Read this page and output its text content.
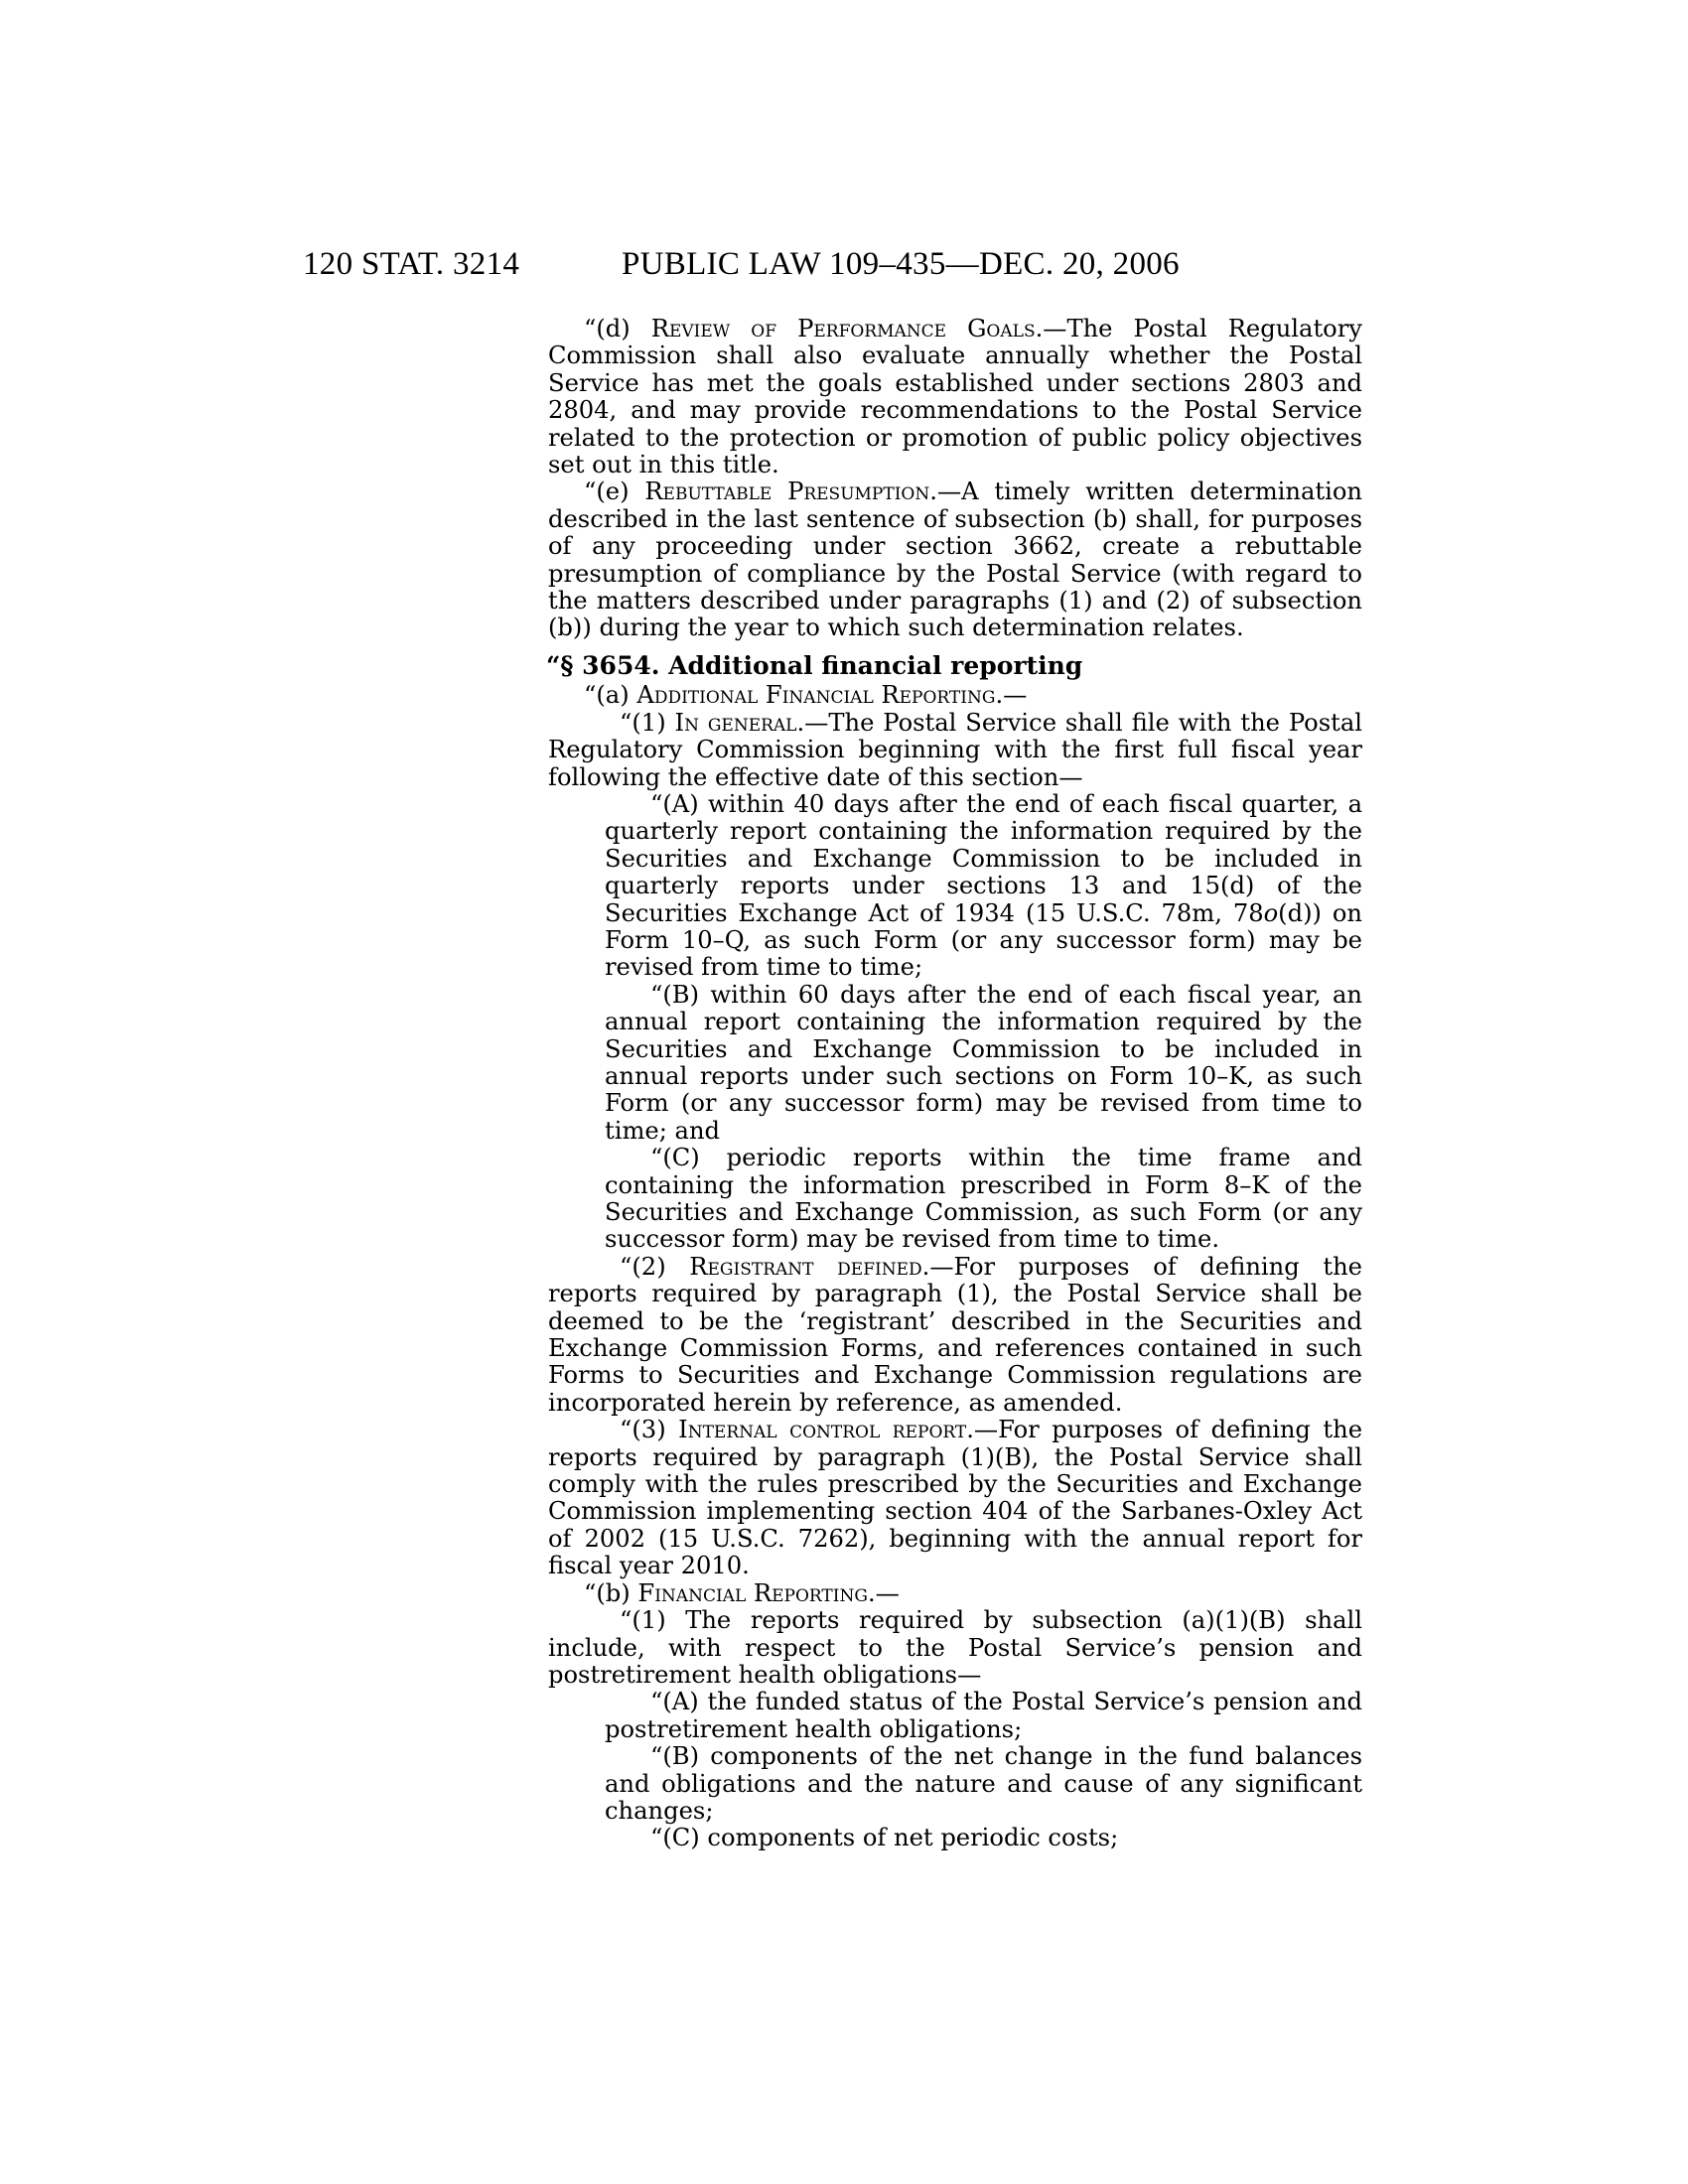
120 STAT. 3214	PUBLIC LAW 109–435—DEC. 20, 2006

“(d) Review of Performance Goals.—The Postal Regulatory Commission shall also evaluate annually whether the Postal Service has met the goals established under sections 2803 and 2804, and may provide recommendations to the Postal Service related to the protection or promotion of public policy objectives set out in this title.

“(e) Rebuttable Presumption.—A timely written determination described in the last sentence of subsection (b) shall, for purposes of any proceeding under section 3662, create a rebuttable presumption of compliance by the Postal Service (with regard to the matters described under paragraphs (1) and (2) of subsection (b)) during the year to which such determination relates.

“§ 3654. Additional financial reporting

“(a) Additional Financial Reporting.—

“(1) In general.—The Postal Service shall file with the Postal Regulatory Commission beginning with the first full fiscal year following the effective date of this section—

“(A) within 40 days after the end of each fiscal quarter, a quarterly report containing the information required by the Securities and Exchange Commission to be included in quarterly reports under sections 13 and 15(d) of the Securities Exchange Act of 1934 (15 U.S.C. 78m, 78o(d)) on Form 10–Q, as such Form (or any successor form) may be revised from time to time;

“(B) within 60 days after the end of each fiscal year, an annual report containing the information required by the Securities and Exchange Commission to be included in annual reports under such sections on Form 10–K, as such Form (or any successor form) may be revised from time to time; and

“(C) periodic reports within the time frame and containing the information prescribed in Form 8–K of the Securities and Exchange Commission, as such Form (or any successor form) may be revised from time to time.

“(2) Registrant defined.—For purposes of defining the reports required by paragraph (1), the Postal Service shall be deemed to be the ‘registrant’ described in the Securities and Exchange Commission Forms, and references contained in such Forms to Securities and Exchange Commission regulations are incorporated herein by reference, as amended.

“(3) Internal control report.—For purposes of defining the reports required by paragraph (1)(B), the Postal Service shall comply with the rules prescribed by the Securities and Exchange Commission implementing section 404 of the Sarbanes-Oxley Act of 2002 (15 U.S.C. 7262), beginning with the annual report for fiscal year 2010.

“(b) Financial Reporting.—

“(1) The reports required by subsection (a)(1)(B) shall include, with respect to the Postal Service’s pension and postretirement health obligations—

“(A) the funded status of the Postal Service’s pension and postretirement health obligations;

“(B) components of the net change in the fund balances and obligations and the nature and cause of any significant changes;

“(C) components of net periodic costs;
